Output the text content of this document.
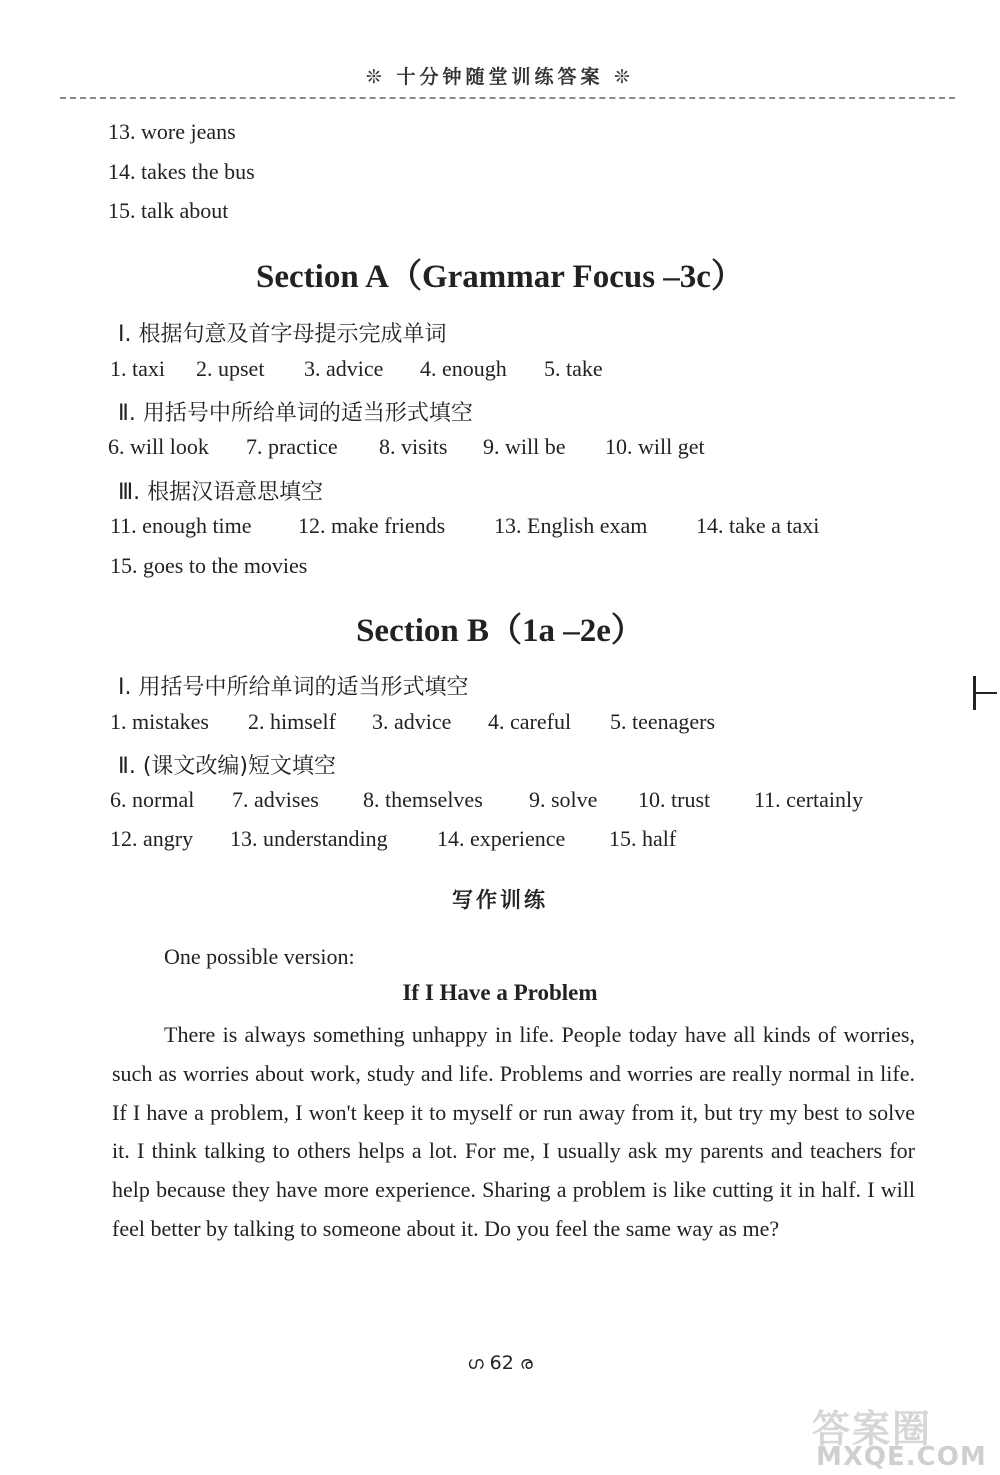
❊ 十分钟随堂训练答案 ❊
13. wore jeans
14. takes the bus
15. talk about
Section A（Grammar Focus –3c）
Ⅰ. 根据句意及首字母提示完成单词
1. taxi 2. upset 3. advice 4. enough 5. take
Ⅱ. 用括号中所给单词的适当形式填空
6. will look 7. practice 8. visits 9. will be 10. will get
Ⅲ. 根据汉语意思填空
11. enough time 12. make friends 13. English exam 14. take a taxi
15. goes to the movies
Section B（1a –2e）
Ⅰ. 用括号中所给单词的适当形式填空
1. mistakes 2. himself 3. advice 4. careful 5. teenagers
Ⅱ. (课文改编)短文填空
6. normal 7. advises 8. themselves 9. solve 10. trust 11. certainly
12. angry 13. understanding 14. experience 15. half
写作训练
One possible version:
If I Have a Problem
There is always something unhappy in life. People today have all kinds of worries, such as worries about work, study and life. Problems and worries are really normal in life. If I have a problem, I won't keep it to myself or run away from it, but try my best to solve it. I think talking to others helps a lot. For me, I usually ask my parents and teachers for help because they have more experience. Sharing a problem is like cutting it in half. I will feel better by talking to someone about it. Do you feel the same way as me?
ഗ 62 ര
答案圈
MXQE.COM
